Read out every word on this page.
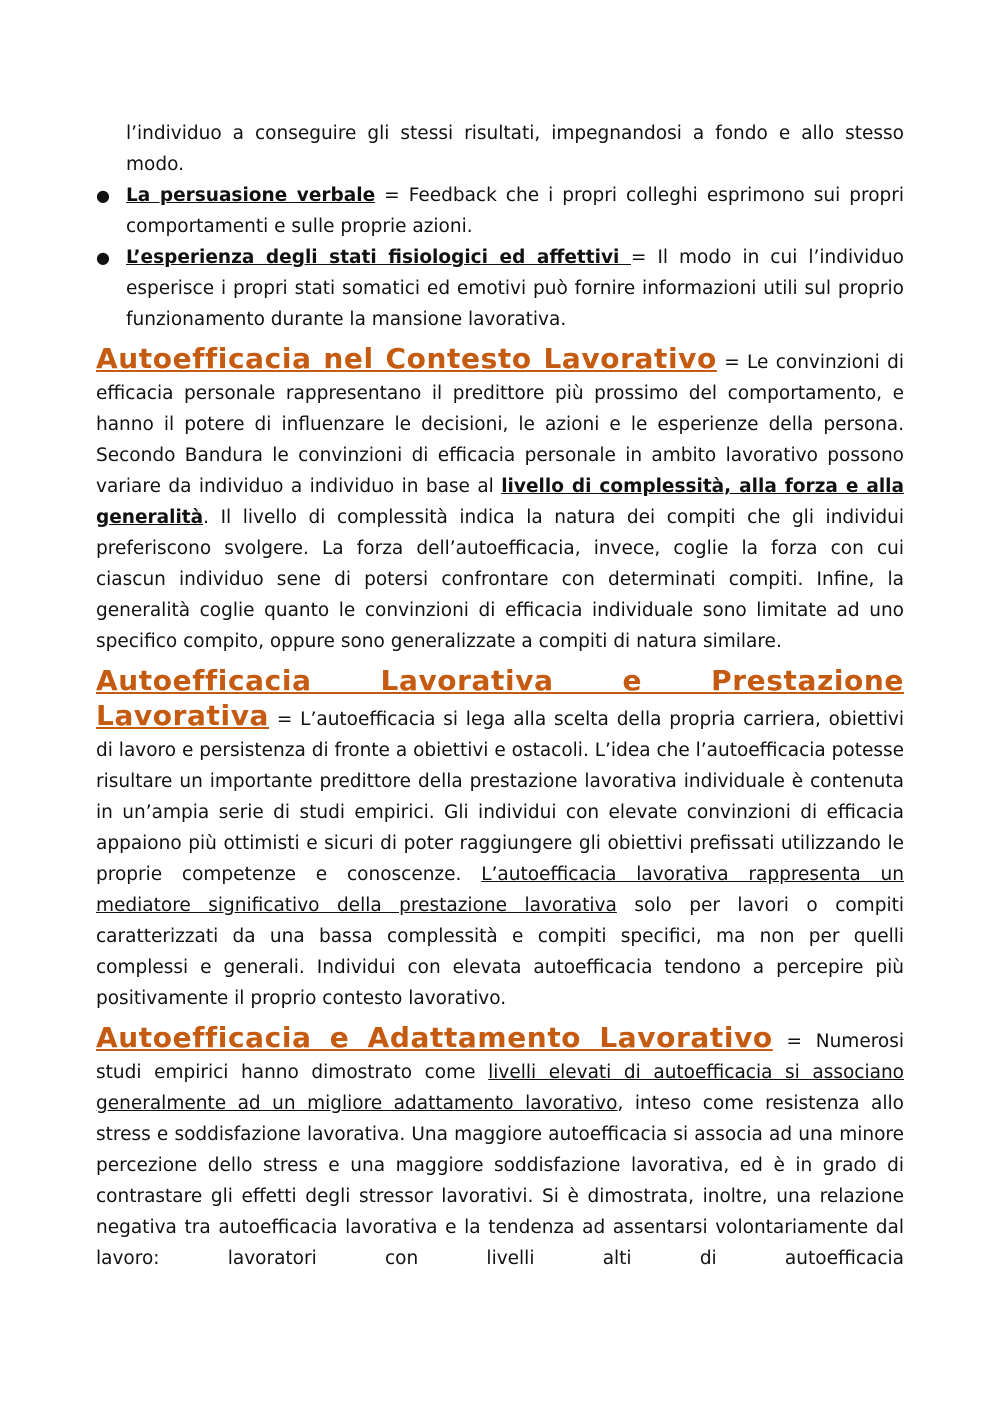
l’individuo a conseguire gli stessi risultati, impegnandosi a fondo e allo stesso modo.

● La persuasione verbale = Feedback che i propri colleghi esprimono sui propri comportamenti e sulle proprie azioni.
● L’esperienza degli stati fisiologici ed affettivi = Il modo in cui l’individuo esperisce i propri stati somatici ed emotivi può fornire informazioni utili sul proprio funzionamento durante la mansione lavorativa.

Autoefficacia nel Contesto Lavorativo = Le convinzioni di efficacia personale rappresentano il predittore più prossimo del comportamento, e hanno il potere di influenzare le decisioni, le azioni e le esperienze della persona. Secondo Bandura le convinzioni di efficacia personale in ambito lavorativo possono variare da individuo a individuo in base al livello di complessità, alla forza e alla generalità. Il livello di complessità indica la natura dei compiti che gli individui preferiscono svolgere. La forza dell’autoefficacia, invece, coglie la forza con cui ciascun individuo sene di potersi confrontare con determinati compiti. Infine, la generalità coglie quanto le convinzioni di efficacia individuale sono limitate ad uno specifico compito, oppure sono generalizzate a compiti di natura similare.

Autoefficacia Lavorativa e Prestazione Lavorativa = L’autoefficacia si lega alla scelta della propria carriera, obiettivi di lavoro e persistenza di fronte a obiettivi e ostacoli. L’idea che l’autoefficacia potesse risultare un importante predittore della prestazione lavorativa individuale è contenuta in un’ampia serie di studi empirici. Gli individui con elevate convinzioni di efficacia appaiono più ottimisti e sicuri di poter raggiungere gli obiettivi prefissati utilizzando le proprie competenze e conoscenze. L’autoefficacia lavorativa rappresenta un mediatore significativo della prestazione lavorativa solo per lavori o compiti caratterizzati da una bassa complessità e compiti specifici, ma non per quelli complessi e generali. Individui con elevata autoefficacia tendono a percepire più positivamente il proprio contesto lavorativo.

Autoefficacia e Adattamento Lavorativo = Numerosi studi empirici hanno dimostrato come livelli elevati di autoefficacia si associano generalmente ad un migliore adattamento lavorativo, inteso come resistenza allo stress e soddisfazione lavorativa. Una maggiore autoefficacia si associa ad una minore percezione dello stress e una maggiore soddisfazione lavorativa, ed è in grado di contrastare gli effetti degli stressor lavorativi. Si è dimostrata, inoltre, una relazione negativa tra autoefficacia lavorativa e la tendenza ad assentarsi volontariamente dal lavoro: lavoratori con livelli alti di autoefficacia
